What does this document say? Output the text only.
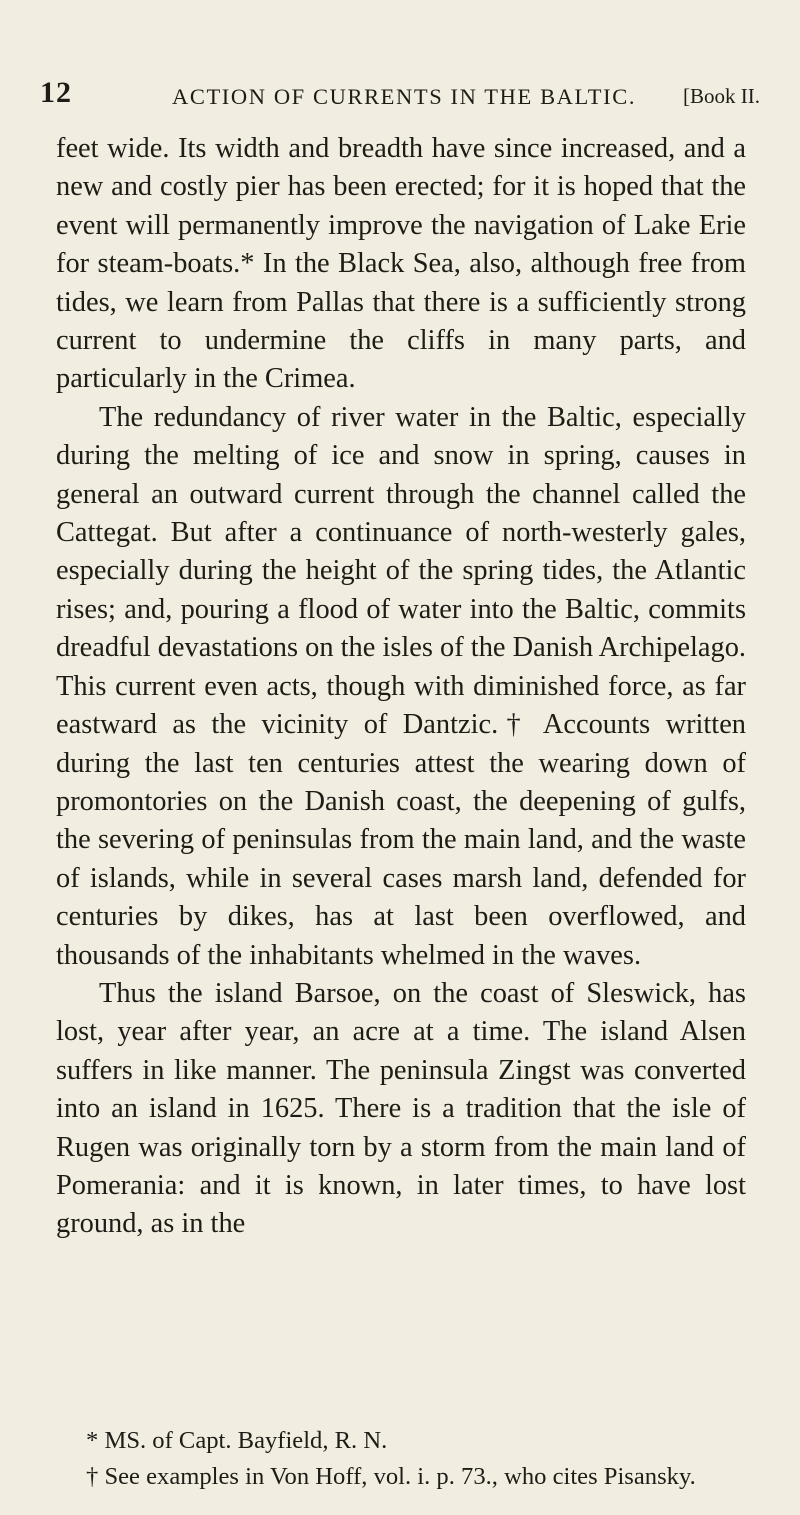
12	ACTION OF CURRENTS IN THE BALTIC. [Book II.

feet wide. Its width and breadth have since increased, and a new and costly pier has been erected; for it is hoped that the event will permanently improve the navigation of Lake Erie for steam-boats.* In the Black Sea, also, although free from tides, we learn from Pallas that there is a sufficiently strong current to undermine the cliffs in many parts, and particularly in the Crimea.

The redundancy of river water in the Baltic, especially during the melting of ice and snow in spring, causes in general an outward current through the channel called the Cattegat. But after a continuance of north-westerly gales, especially during the height of the spring tides, the Atlantic rises; and, pouring a flood of water into the Baltic, commits dreadful devastations on the isles of the Danish Archipelago. This current even acts, though with diminished force, as far eastward as the vicinity of Dantzic.† Accounts written during the last ten centuries attest the wearing down of promontories on the Danish coast, the deepening of gulfs, the severing of peninsulas from the main land, and the waste of islands, while in several cases marsh land, defended for centuries by dikes, has at last been overflowed, and thousands of the inhabitants whelmed in the waves.

Thus the island Barsoe, on the coast of Sleswick, has lost, year after year, an acre at a time. The island Alsen suffers in like manner. The peninsula Zingst was converted into an island in 1625. There is a tradition that the isle of Rugen was originally torn by a storm from the main land of Pomerania: and it is known, in later times, to have lost ground, as in the

* MS. of Capt. Bayfield, R. N.
† See examples in Von Hoff, vol. i. p. 73., who cites Pisansky.
